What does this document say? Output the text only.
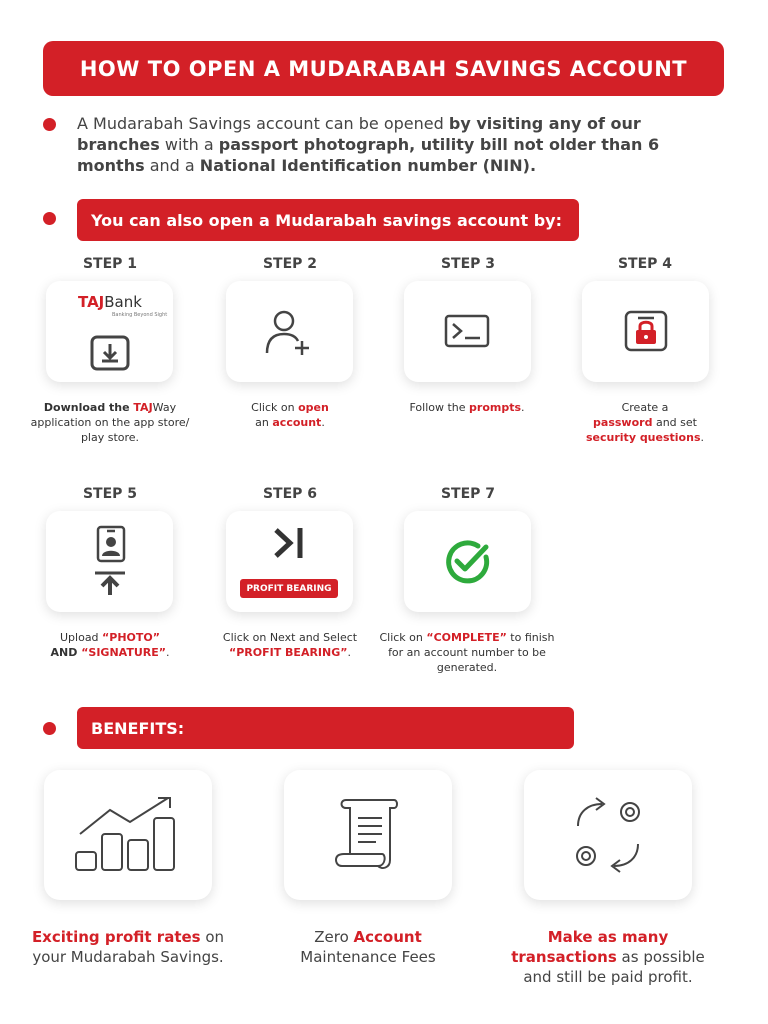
HOW TO OPEN A MUDARABAH SAVINGS ACCOUNT

A Mudarabah Savings account can be opened by visiting any of our branches with a passport photograph, utility bill not older than 6 months and a National Identification number (NIN).

You can also open a Mudarabah savings account by:
STEP 1
TAJBank
Banking Beyond Sight
Download the TAJWay application on the app store/ play store.
STEP 2
Click on open
an account.
STEP 3
Follow the prompts.
STEP 4
Create a
password and set
security questions.
STEP 5
Upload “PHOTO”
AND “SIGNATURE”.
STEP 6
PROFIT BEARING
Click on Next and Select
“PROFIT BEARING”.
STEP 7
Click on “COMPLETE” to finish for an account number to be generated.
BENEFITS:
Exciting profit rates on your Mudarabah Savings.
Zero Account
Maintenance Fees
Make as many transactions as possible and still be paid profit.
